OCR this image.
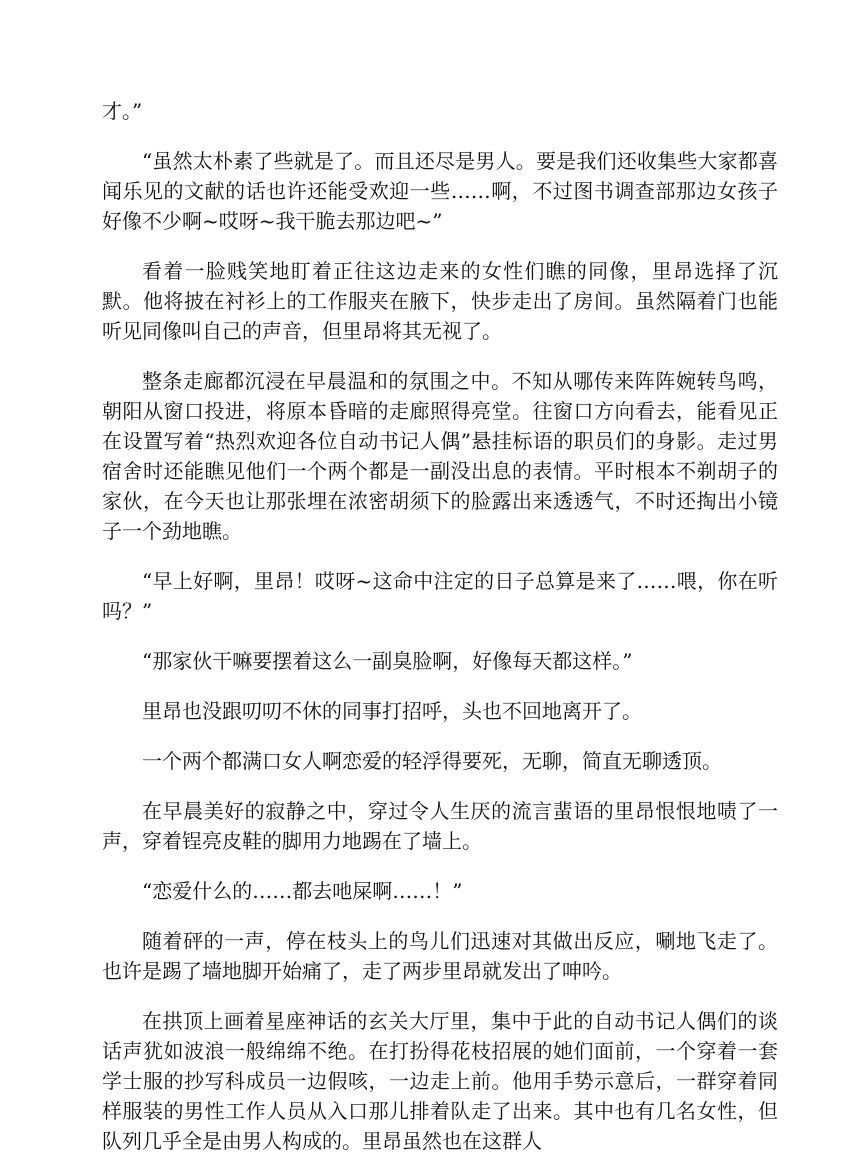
才。”

“虽然太朴素了些就是了。而且还尽是男人。要是我们还收集些大家都喜闻乐见的文献的话也许还能受欢迎一些……啊，不过图书调查部那边女孩子好像不少啊~哎呀~我干脆去那边吧~”

看着一脸贱笑地盯着正往这边走来的女性们瞧的同像，里昂选择了沉默。他将披在衬衫上的工作服夹在腋下，快步走出了房间。虽然隔着门也能听见同像叫自己的声音，但里昂将其无视了。

整条走廊都沉浸在早晨温和的氛围之中。不知从哪传来阵阵婉转鸟鸣，朝阳从窗口投进，将原本昏暗的走廊照得亮堂。往窗口方向看去，能看见正在设置写着“热烈欢迎各位自动书记人偶”悬挂标语的职员们的身影。走过男宿舍时还能瞧见他们一个两个都是一副没出息的表情。平时根本不剃胡子的家伙，在今天也让那张埋在浓密胡须下的脸露出来透透气，不时还掏出小镜子一个劲地瞧。

“早上好啊，里昂！哎呀~这命中注定的日子总算是来了……喂，你在听吗？”

“那家伙干嘛要摆着这么一副臭脸啊，好像每天都这样。”

里昂也没跟叨叨不休的同事打招呼，头也不回地离开了。

一个两个都满口女人啊恋爱的轻浮得要死，无聊，简直无聊透顶。

在早晨美好的寂静之中，穿过令人生厌的流言蜚语的里昂恨恨地啧了一声，穿着锃亮皮鞋的脚用力地踢在了墙上。

“恋爱什么的……都去吔屎啊……！”

随着砰的一声，停在枝头上的鸟儿们迅速对其做出反应，唰地飞走了。也许是踢了墙地脚开始痛了，走了两步里昂就发出了呻吟。

在拱顶上画着星座神话的玄关大厅里，集中于此的自动书记人偶们的谈话声犹如波浪一般绵绵不绝。在打扮得花枝招展的她们面前，一个穿着一套学士服的抄写科成员一边假咳，一边走上前。他用手势示意后，一群穿着同样服装的男性工作人员从入口那儿排着队走了出来。其中也有几名女性，但队列几乎全是由男人构成的。里昂虽然也在这群人
